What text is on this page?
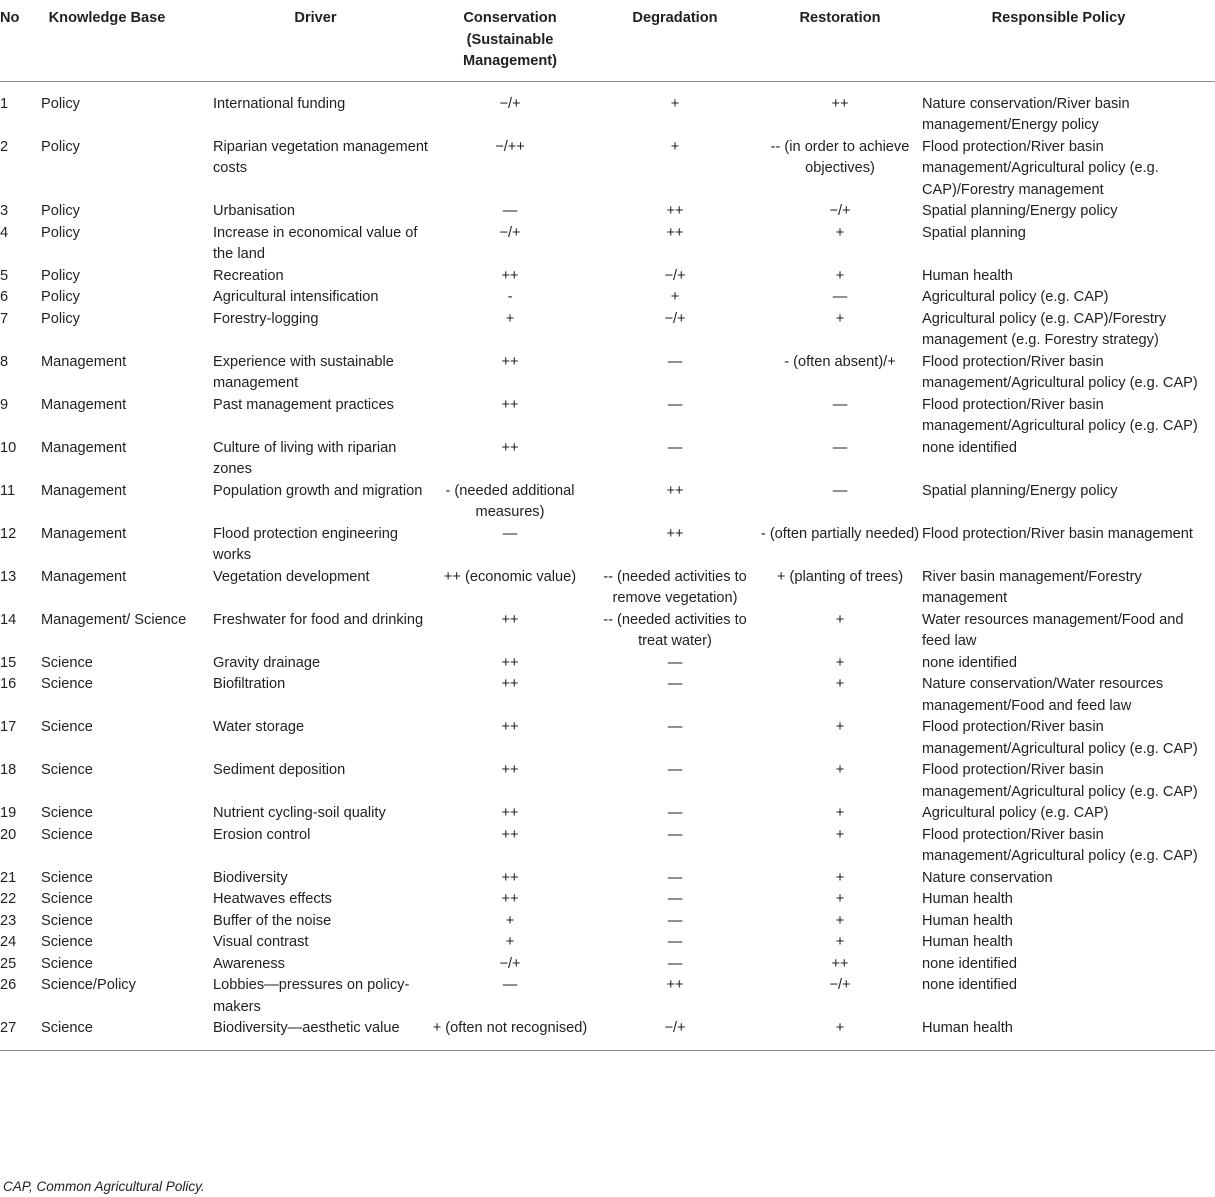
No	Knowledge Base	Driver	Conservation (Sustainable Management)	Degradation	Restoration	Responsible Policy
1	Policy	International funding	−/+	+	++	Nature conservation/River basin management/Energy policy
2	Policy	Riparian vegetation management costs	−/++	+	-- (in order to achieve objectives)	Flood protection/River basin management/Agricultural policy (e.g. CAP)/Forestry management
3	Policy	Urbanisation	—	++	−/+	Spatial planning/Energy policy
4	Policy	Increase in economical value of the land	−/+	++	+	Spatial planning
5	Policy	Recreation	++	−/+	+	Human health
6	Policy	Agricultural intensification	-	+	—	Agricultural policy (e.g. CAP)
7	Policy	Forestry-logging	+	−/+	+	Agricultural policy (e.g. CAP)/Forestry management (e.g. Forestry strategy)
8	Management	Experience with sustainable management	++	—	- (often absent)/+	Flood protection/River basin management/Agricultural policy (e.g. CAP)
9	Management	Past management practices	++	—	—	Flood protection/River basin management/Agricultural policy (e.g. CAP)
10	Management	Culture of living with riparian zones	++	—	—	none identified
11	Management	Population growth and migration	- (needed additional measures)	++	—	Spatial planning/Energy policy
12	Management	Flood protection engineering works	—	++	- (often partially needed)	Flood protection/River basin management
13	Management	Vegetation development	++ (economic value)	-- (needed activities to remove vegetation)	+ (planting of trees)	River basin management/Forestry management
14	Management/ Science	Freshwater for food and drinking	++	-- (needed activities to treat water)	+	Water resources management/Food and feed law
15	Science	Gravity drainage	++	—	+	none identified
16	Science	Biofiltration	++	—	+	Nature conservation/Water resources management/Food and feed law
17	Science	Water storage	++	—	+	Flood protection/River basin management/Agricultural policy (e.g. CAP)
18	Science	Sediment deposition	++	—	+	Flood protection/River basin management/Agricultural policy (e.g. CAP)
19	Science	Nutrient cycling-soil quality	++	—	+	Agricultural policy (e.g. CAP)
20	Science	Erosion control	++	—	+	Flood protection/River basin management/Agricultural policy (e.g. CAP)
21	Science	Biodiversity	++	—	+	Nature conservation
22	Science	Heatwaves effects	++	—	+	Human health
23	Science	Buffer of the noise	+	—	+	Human health
24	Science	Visual contrast	+	—	+	Human health
25	Science	Awareness	−/+	—	++	none identified
26	Science/Policy	Lobbies—pressures on policy-makers	—	++	−/+	none identified
27	Science	Biodiversity—aesthetic value	+ (often not recognised)	−/+	+	Human health
CAP, Common Agricultural Policy.
